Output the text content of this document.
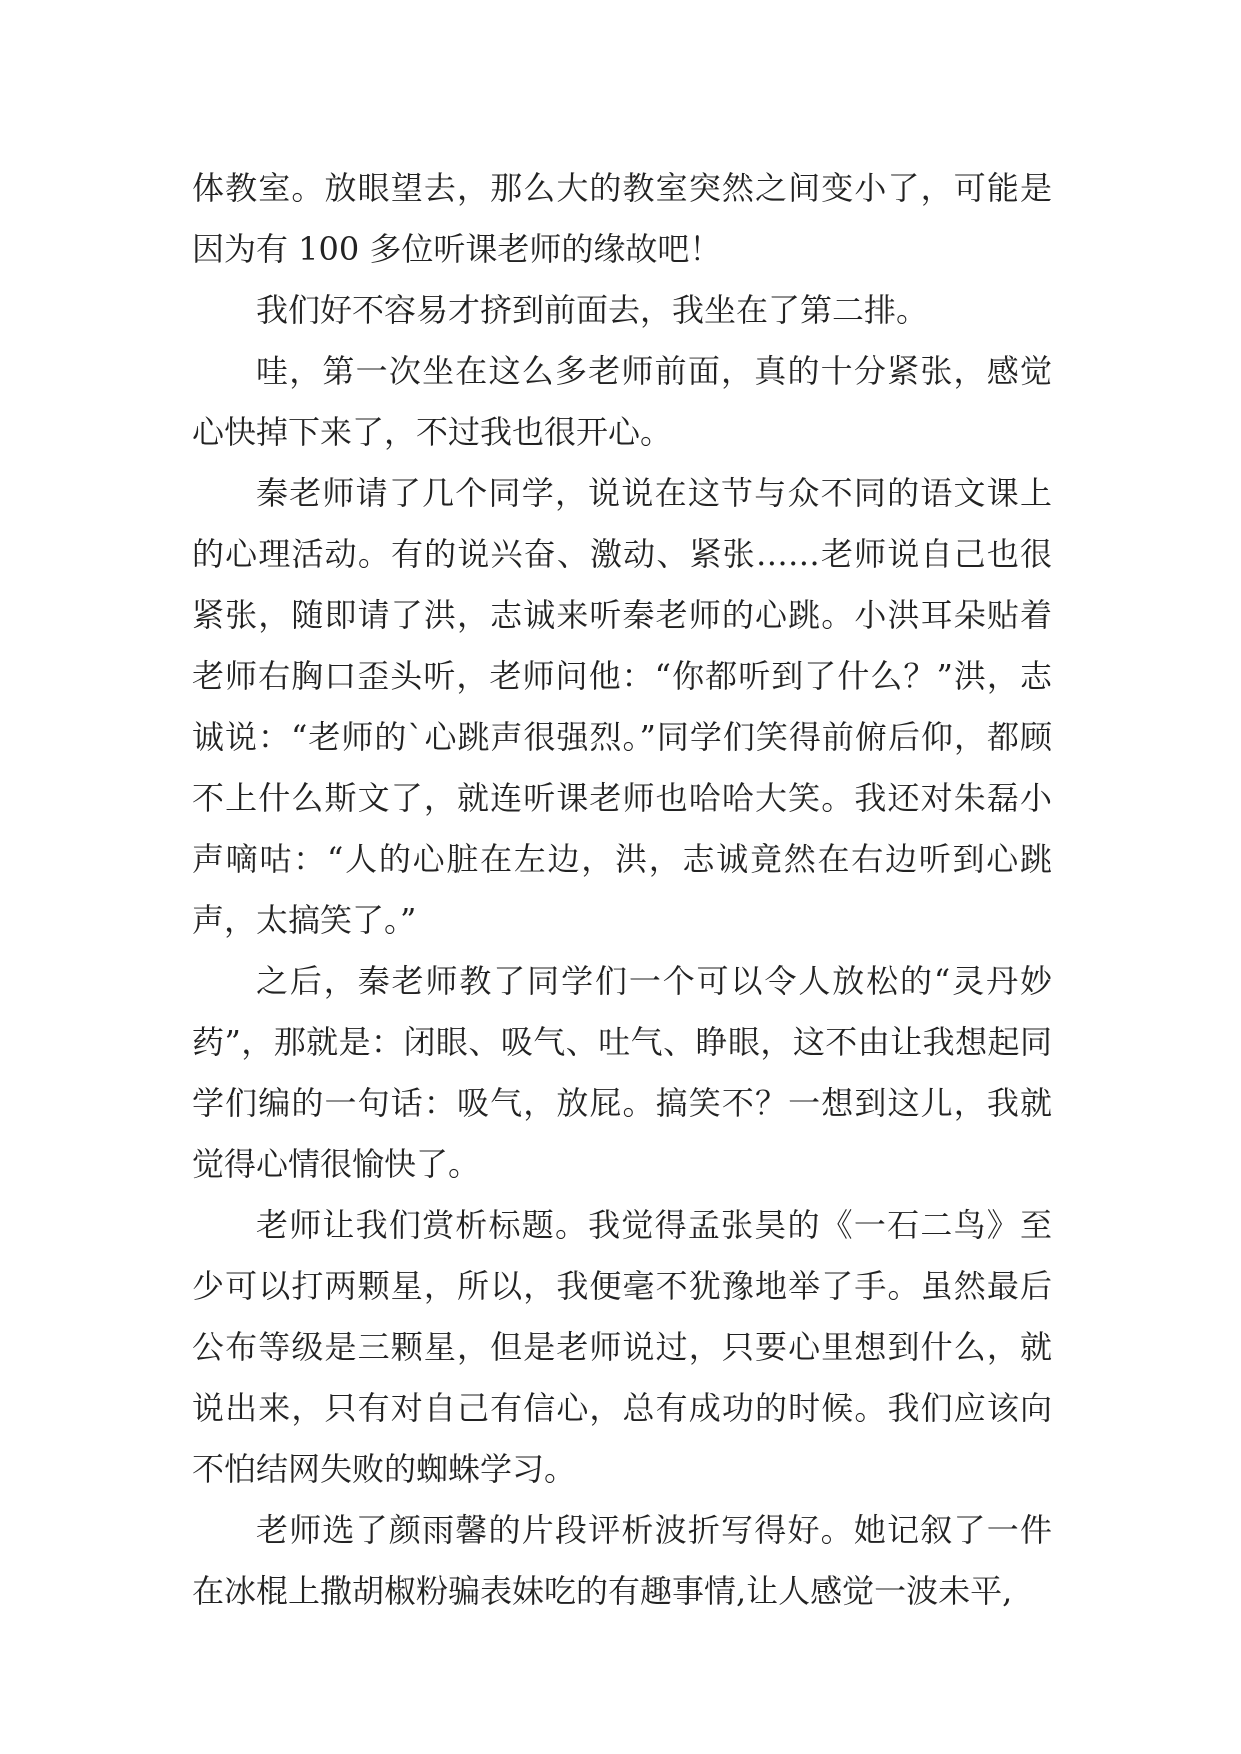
体教室。放眼望去，那么大的教室突然之间变小了，可能是因为有 100 多位听课老师的缘故吧！

我们好不容易才挤到前面去，我坐在了第二排。

哇，第一次坐在这么多老师前面，真的十分紧张，感觉心快掉下来了，不过我也很开心。

秦老师请了几个同学，说说在这节与众不同的语文课上的心理活动。有的说兴奋、激动、紧张……老师说自己也很紧张，随即请了洪，志诚来听秦老师的心跳。小洪耳朵贴着老师右胸口歪头听，老师问他：“你都听到了什么？”洪，志诚说：“老师的`心跳声很强烈。”同学们笑得前俯后仰，都顾不上什么斯文了，就连听课老师也哈哈大笑。我还对朱磊小声嘀咕：“人的心脏在左边，洪，志诚竟然在右边听到心跳声，太搞笑了。”

之后，秦老师教了同学们一个可以令人放松的“灵丹妙药”，那就是：闭眼、吸气、吐气、睁眼，这不由让我想起同学们编的一句话：吸气，放屁。搞笑不？一想到这儿，我就觉得心情很愉快了。

老师让我们赏析标题。我觉得孟张昊的《一石二鸟》至少可以打两颗星，所以，我便毫不犹豫地举了手。虽然最后公布等级是三颗星，但是老师说过，只要心里想到什么，就说出来，只有对自己有信心，总有成功的时候。我们应该向不怕结网失败的蜘蛛学习。

老师选了颜雨馨的片段评析波折写得好。她记叙了一件在冰棍上撒胡椒粉骗表妹吃的有趣事情,让人感觉一波未平,
